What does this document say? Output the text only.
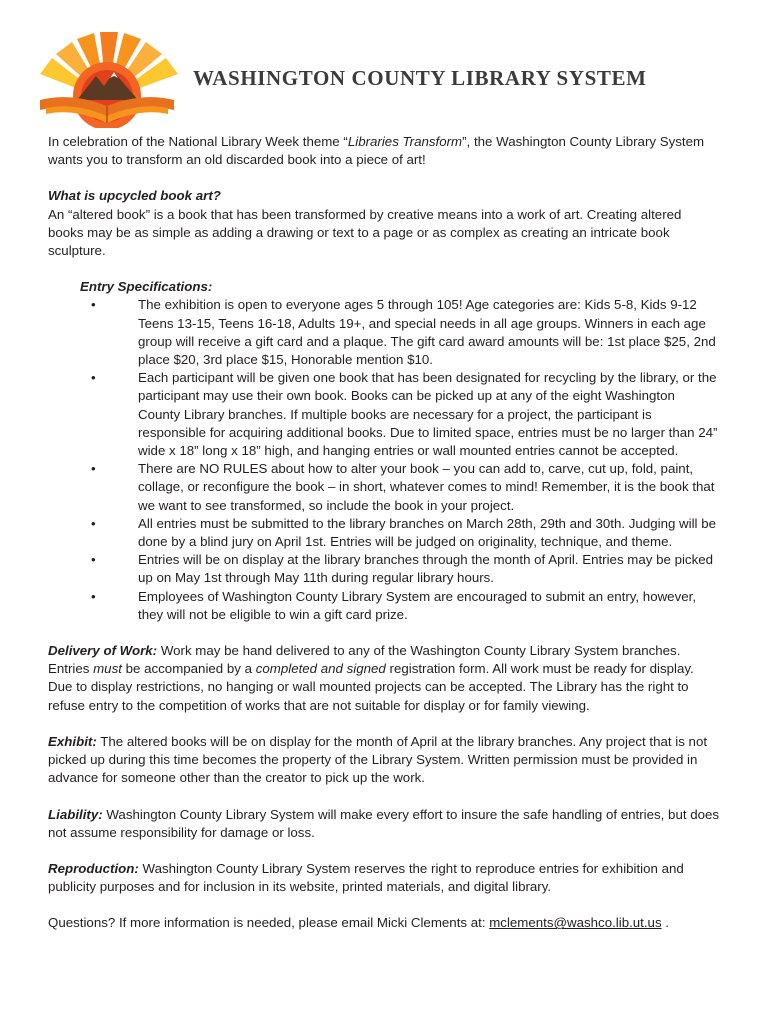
WASHINGTON COUNTY LIBRARY SYSTEM

In celebration of the National Library Week theme “Libraries Transform”, the Washington County Library System wants you to transform an old discarded book into a piece of art!

What is upcycled book art?

An “altered book” is a book that has been transformed by creative means into a work of art. Creating altered books may be as simple as adding a drawing or text to a page or as complex as creating an intricate book sculpture.

Entry Specifications:

•	The exhibition is open to everyone ages 5 through 105! Age categories are: Kids 5-8, Kids 9-12 Teens 13-15, Teens 16-18, Adults 19+, and special needs in all age groups. Winners in each age group will receive a gift card and a plaque. The gift card award amounts will be: 1st place $25, 2nd place $20, 3rd place $15, Honorable mention $10.
•	Each participant will be given one book that has been designated for recycling by the library, or the participant may use their own book. Books can be picked up at any of the eight Washington County Library branches. If multiple books are necessary for a project, the participant is responsible for acquiring additional books. Due to limited space, entries must be no larger than 24” wide x 18” long x 18” high, and hanging entries or wall mounted entries cannot be accepted.
•	There are NO RULES about how to alter your book – you can add to, carve, cut up, fold, paint, collage, or reconfigure the book – in short, whatever comes to mind! Remember, it is the book that we want to see transformed, so include the book in your project.
•	All entries must be submitted to the library branches on March 28th, 29th and 30th. Judging will be done by a blind jury on April 1st. Entries will be judged on originality, technique, and theme.
•	Entries will be on display at the library branches through the month of April. Entries may be picked up on May 1st through May 11th during regular library hours.
•	Employees of Washington County Library System are encouraged to submit an entry, however, they will not be eligible to win a gift card prize.

Delivery of Work: Work may be hand delivered to any of the Washington County Library System branches. Entries must be accompanied by a completed and signed registration form. All work must be ready for display. Due to display restrictions, no hanging or wall mounted projects can be accepted. The Library has the right to refuse entry to the competition of works that are not suitable for display or for family viewing.

Exhibit: The altered books will be on display for the month of April at the library branches. Any project that is not picked up during this time becomes the property of the Library System. Written permission must be provided in advance for someone other than the creator to pick up the work.

Liability: Washington County Library System will make every effort to insure the safe handling of entries, but does not assume responsibility for damage or loss.

Reproduction: Washington County Library System reserves the right to reproduce entries for exhibition and publicity purposes and for inclusion in its website, printed materials, and digital library.

Questions? If more information is needed, please email Micki Clements at: mclements@washco.lib.ut.us .
